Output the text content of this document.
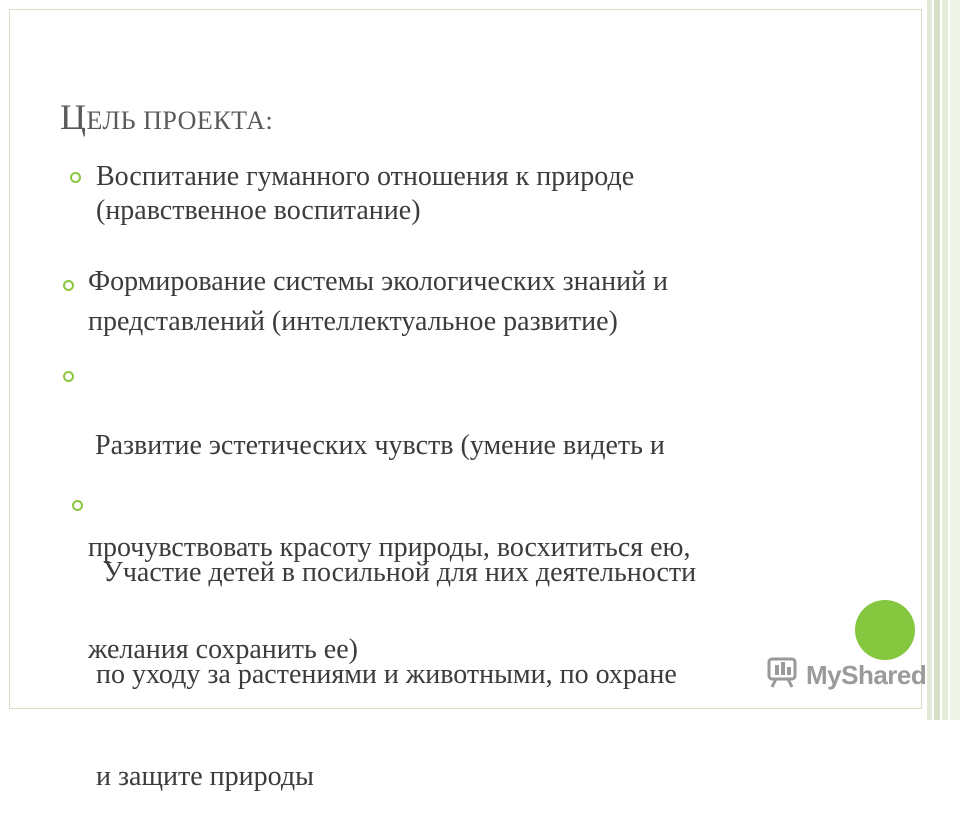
ЦЕЛЬ ПРОЕКТА:
Воспитание гуманного отношения к природе
(нравственное воспитание)
Формирование системы экологических знаний и
представлений (интеллектуальное развитие)

Развитие эстетических чувств (умение видеть и

прочувствовать красоту природы, восхититься ею,

желания сохранить ее)

Участие детей в посильной для них деятельности

по уходу за растениями и животными, по охране

и защите природы

MyShared
